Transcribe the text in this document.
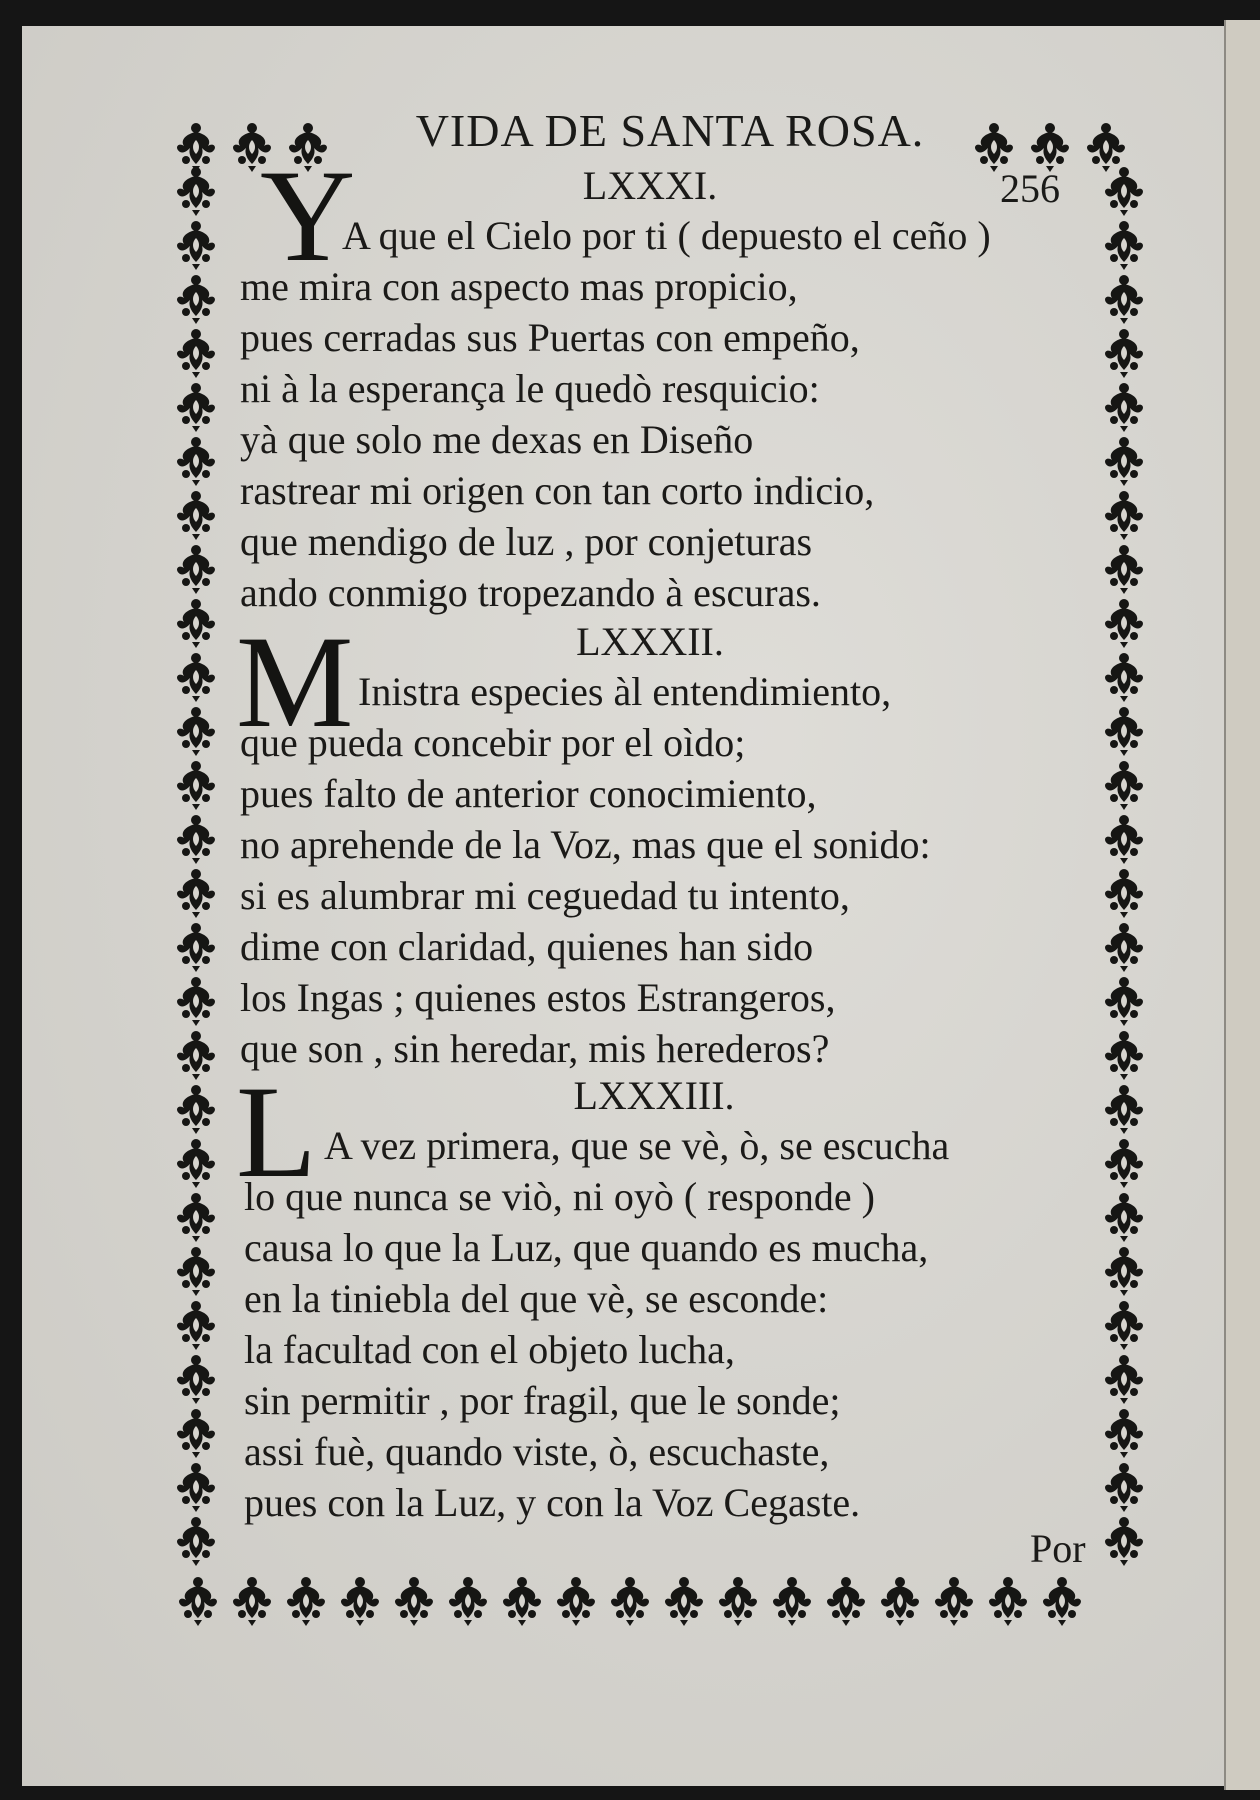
VIDA DE SANTA ROSA.
256
LXXXI.
Y
A que el Cielo por ti ( depuesto el ceño )
me mira con aspecto mas propicio,
pues cerradas sus Puertas con empeño,
ni à la esperança le quedò resquicio:
yà que solo me dexas en Diseño
rastrear mi origen con tan corto indicio,
que mendigo de luz , por conjeturas
ando conmigo tropezando à escuras.
LXXXII.
M Inistra especies àl entendimiento,
que pueda concebir por el oìdo;
pues falto de anterior conocimiento,
no aprehende de la Voz, mas que el sonido:
si es alumbrar mi ceguedad tu intento,
dime con claridad, quienes han sido
los Ingas ; quienes estos Estrangeros,
que son , sin heredar, mis herederos?
LXXXIII.
L A vez primera, que se vè, ò, se escucha
lo que nunca se viò, ni oyò ( responde )
causa lo que la Luz, que quando es mucha,
en la tiniebla del que vè, se esconde:
la facultad con el objeto lucha,
sin permitir , por fragil, que le sonde;
assi fuè, quando viste, ò, escuchaste,
pues con la Luz, y con la Voz Cegaste.
Por
